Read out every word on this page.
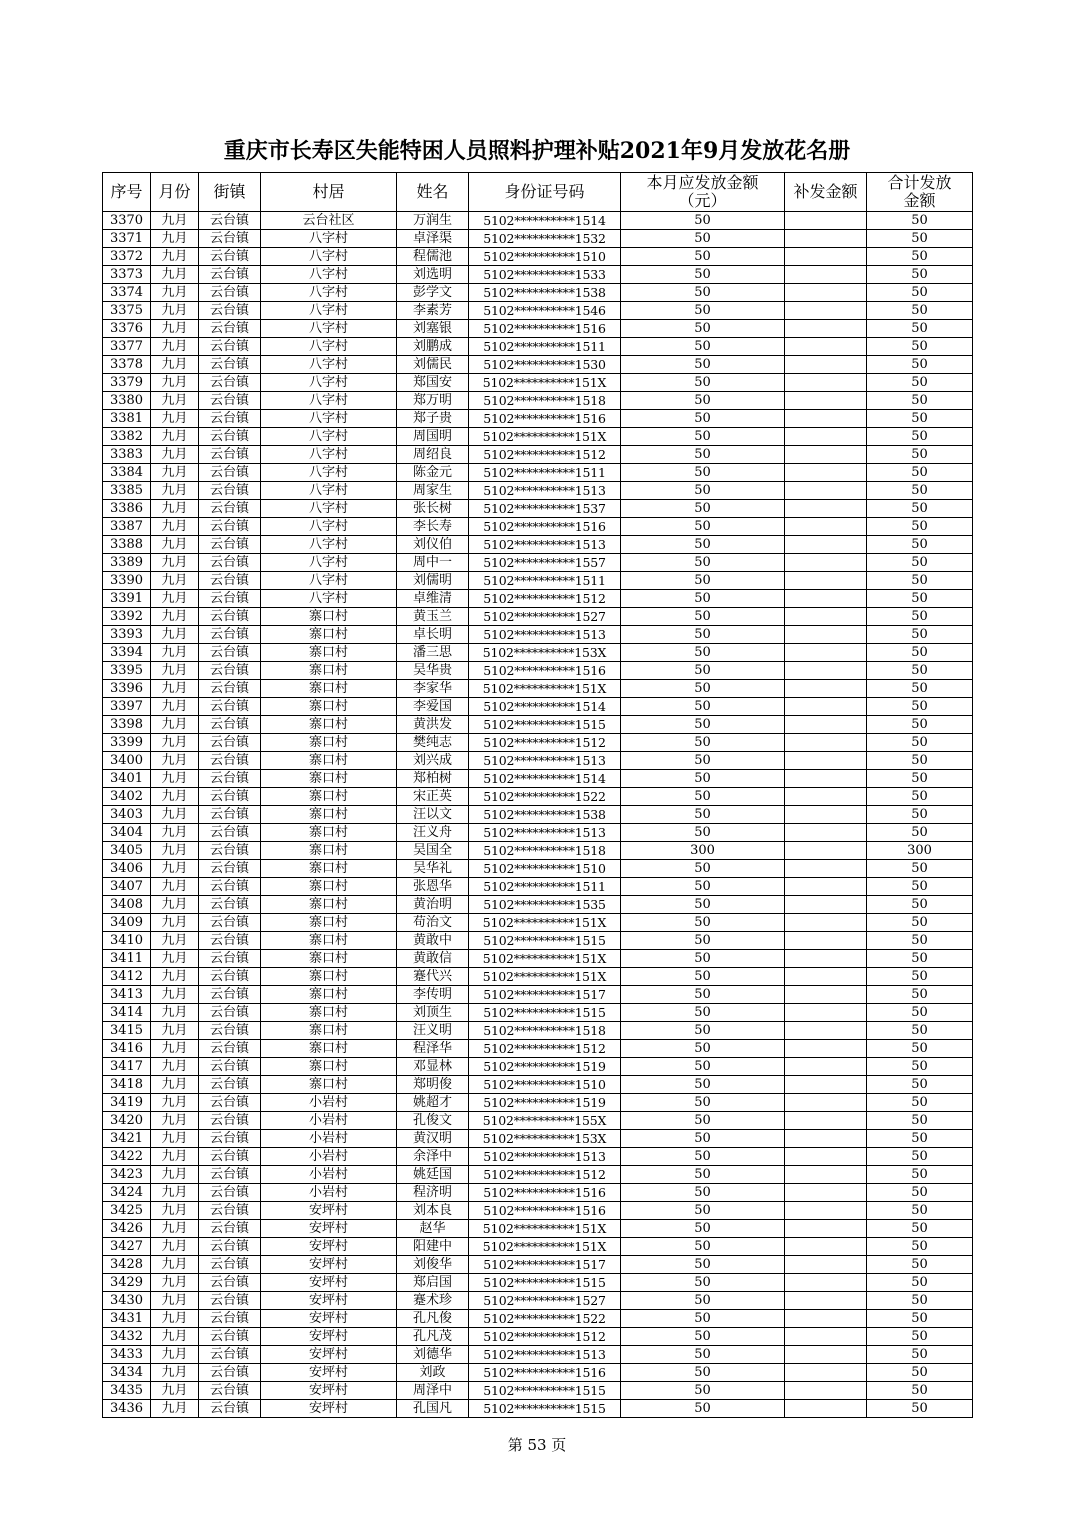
重庆市长寿区失能特困人员照料护理补贴2021年9月发放花名册
序号	月份	街镇	村居	姓名	身份证号码	本月应发放金额（元）	补发金额	合计发放金额
3370	九月	云台镇	云台社区	万润生	5102**********1514	50		50
3371	九月	云台镇	八字村	卓泽渠	5102**********1532	50		50
3372	九月	云台镇	八字村	程儒池	5102**********1510	50		50
3373	九月	云台镇	八字村	刘选明	5102**********1533	50		50
3374	九月	云台镇	八字村	彭学文	5102**********1538	50		50
3375	九月	云台镇	八字村	李素芳	5102**********1546	50		50
3376	九月	云台镇	八字村	刘塞银	5102**********1516	50		50
3377	九月	云台镇	八字村	刘鹏成	5102**********1511	50		50
3378	九月	云台镇	八字村	刘儒民	5102**********1530	50		50
3379	九月	云台镇	八字村	郑国安	5102**********151X	50		50
3380	九月	云台镇	八字村	郑万明	5102**********1518	50		50
3381	九月	云台镇	八字村	郑子贵	5102**********1516	50		50
3382	九月	云台镇	八字村	周国明	5102**********151X	50		50
3383	九月	云台镇	八字村	周绍良	5102**********1512	50		50
3384	九月	云台镇	八字村	陈金元	5102**********1511	50		50
3385	九月	云台镇	八字村	周家生	5102**********1513	50		50
3386	九月	云台镇	八字村	张长树	5102**********1537	50		50
3387	九月	云台镇	八字村	李长寿	5102**********1516	50		50
3388	九月	云台镇	八字村	刘仪伯	5102**********1513	50		50
3389	九月	云台镇	八字村	周中一	5102**********1557	50		50
3390	九月	云台镇	八字村	刘儒明	5102**********1511	50		50
3391	九月	云台镇	八字村	卓维清	5102**********1512	50		50
3392	九月	云台镇	寨口村	黄玉兰	5102**********1527	50		50
3393	九月	云台镇	寨口村	卓长明	5102**********1513	50		50
3394	九月	云台镇	寨口村	潘三思	5102**********153X	50		50
3395	九月	云台镇	寨口村	吴华贵	5102**********1516	50		50
3396	九月	云台镇	寨口村	李家华	5102**********151X	50		50
3397	九月	云台镇	寨口村	李爱国	5102**********1514	50		50
3398	九月	云台镇	寨口村	黄洪发	5102**********1515	50		50
3399	九月	云台镇	寨口村	樊纯志	5102**********1512	50		50
3400	九月	云台镇	寨口村	刘兴成	5102**********1513	50		50
3401	九月	云台镇	寨口村	郑柏树	5102**********1514	50		50
3402	九月	云台镇	寨口村	宋正英	5102**********1522	50		50
3403	九月	云台镇	寨口村	汪以文	5102**********1538	50		50
3404	九月	云台镇	寨口村	汪义舟	5102**********1513	50		50
3405	九月	云台镇	寨口村	吴国全	5102**********1518	300		300
3406	九月	云台镇	寨口村	吴华礼	5102**********1510	50		50
3407	九月	云台镇	寨口村	张恩华	5102**********1511	50		50
3408	九月	云台镇	寨口村	黄治明	5102**********1535	50		50
3409	九月	云台镇	寨口村	苟治文	5102**********151X	50		50
3410	九月	云台镇	寨口村	黄敢中	5102**********1515	50		50
3411	九月	云台镇	寨口村	黄敢信	5102**********151X	50		50
3412	九月	云台镇	寨口村	蹇代兴	5102**********151X	50		50
3413	九月	云台镇	寨口村	李传明	5102**********1517	50		50
3414	九月	云台镇	寨口村	刘顶生	5102**********1515	50		50
3415	九月	云台镇	寨口村	汪义明	5102**********1518	50		50
3416	九月	云台镇	寨口村	程泽华	5102**********1512	50		50
3417	九月	云台镇	寨口村	邓显林	5102**********1519	50		50
3418	九月	云台镇	寨口村	郑明俊	5102**********1510	50		50
3419	九月	云台镇	小岩村	姚超才	5102**********1519	50		50
3420	九月	云台镇	小岩村	孔俊文	5102**********155X	50		50
3421	九月	云台镇	小岩村	黄汉明	5102**********153X	50		50
3422	九月	云台镇	小岩村	余泽中	5102**********1513	50		50
3423	九月	云台镇	小岩村	姚廷国	5102**********1512	50		50
3424	九月	云台镇	小岩村	程济明	5102**********1516	50		50
3425	九月	云台镇	安坪村	刘本良	5102**********1516	50		50
3426	九月	云台镇	安坪村	赵华	5102**********151X	50		50
3427	九月	云台镇	安坪村	阳建中	5102**********151X	50		50
3428	九月	云台镇	安坪村	刘俊华	5102**********1517	50		50
3429	九月	云台镇	安坪村	郑启国	5102**********1515	50		50
3430	九月	云台镇	安坪村	蹇术珍	5102**********1527	50		50
3431	九月	云台镇	安坪村	孔凡俊	5102**********1522	50		50
3432	九月	云台镇	安坪村	孔凡茂	5102**********1512	50		50
3433	九月	云台镇	安坪村	刘德华	5102**********1513	50		50
3434	九月	云台镇	安坪村	刘政	5102**********1516	50		50
3435	九月	云台镇	安坪村	周泽中	5102**********1515	50		50
3436	九月	云台镇	安坪村	孔国凡	5102**********1515	50		50
第 53 页
